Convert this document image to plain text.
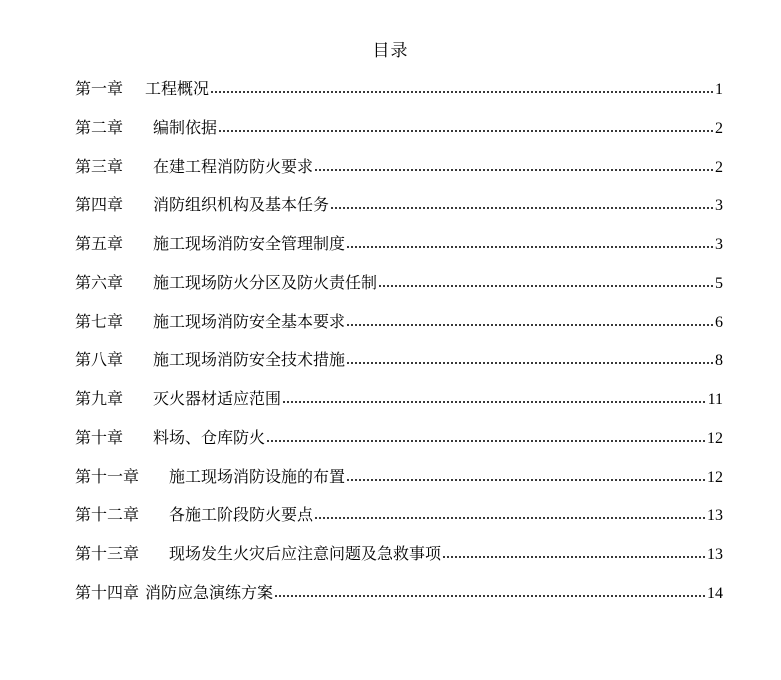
目录
第一章 工程概况	1
第二章 编制依据	2
第三章 在建工程消防防火要求	2
第四章 消防组织机构及基本任务	3
第五章 施工现场消防安全管理制度	3
第六章 施工现场防火分区及防火责任制	5
第七章 施工现场消防安全基本要求	6
第八章 施工现场消防安全技术措施	8
第九章 灭火器材适应范围	11
第十章 料场、仓库防火	12
第十一章 施工现场消防设施的布置	12
第十二章 各施工阶段防火要点	13
第十三章 现场发生火灾后应注意问题及急救事项	13
第十四章 消防应急演练方案	14
